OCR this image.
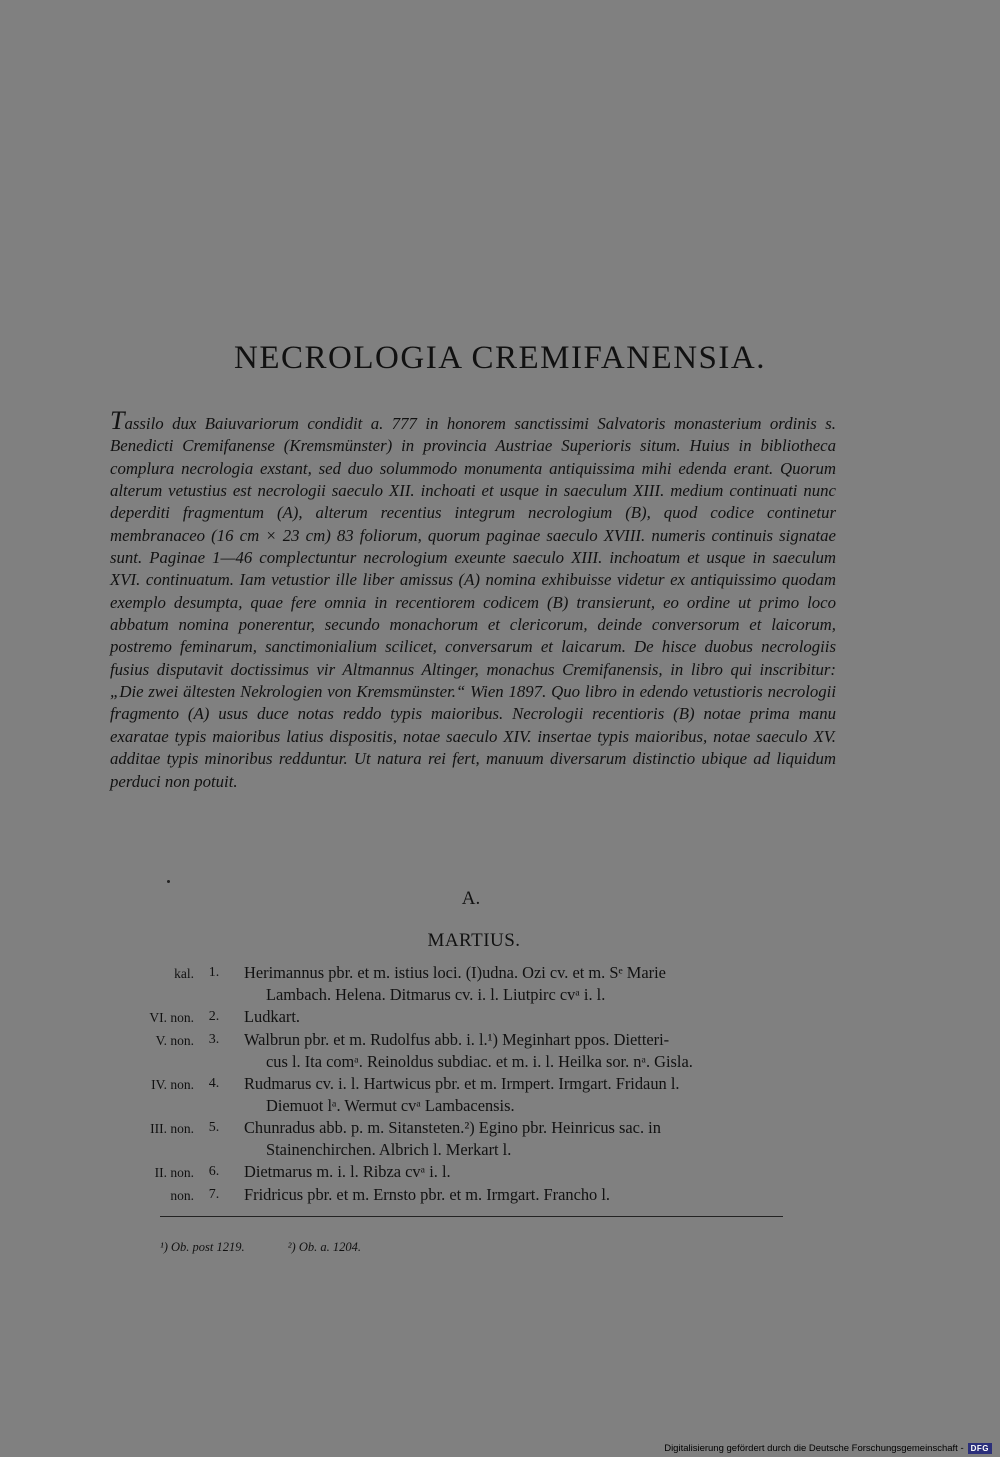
NECROLOGIA CREMIFANENSIA.
Tassilo dux Baiuvariorum condidit a. 777 in honorem sanctissimi Salvatoris monasterium ordinis s. Benedicti Cremifanense (Kremsmünster) in provincia Austriae Superioris situm. Huius in bibliotheca complura necrologia exstant, sed duo solummodo monumenta antiquissima mihi edenda erant. Quorum alterum vetustius est necrologii saeculo XII. inchoati et usque in saeculum XIII. medium continuati nunc deperditi fragmentum (A), alterum recentius integrum necrologium (B), quod codice continetur membranaceo (16 cm × 23 cm) 83 foliorum, quorum paginae saeculo XVIII. numeris continuis signatae sunt. Paginae 1—46 complectuntur necrologium exeunte saeculo XIII. inchoatum et usque in saeculum XVI. continuatum. Iam vetustior ille liber amissus (A) nomina exhibuisse videtur ex antiquissimo quodam exemplo desumpta, quae fere omnia in recentiorem codicem (B) transierunt, eo ordine ut primo loco abbatum nomina ponerentur, secundo monachorum et clericorum, deinde conversorum et laicorum, postremo feminarum, sanctimonialium scilicet, conversarum et laicarum. De hisce duobus necrologiis fusius disputavit doctissimus vir Altmannus Altinger, monachus Cremifanensis, in libro qui inscribitur: „Die zwei ältesten Nekrologien von Kremsmünster.“ Wien 1897. Quo libro in edendo vetustioris necrologii fragmento (A) usus duce notas reddo typis maioribus. Necrologii recentioris (B) notae prima manu exaratae typis maioribus latius dispositis, notae saeculo XIV. insertae typis maioribus, notae saeculo XV. additae typis minoribus redduntur. Ut natura rei fert, manuum diversarum distinctio ubique ad liquidum perduci non potuit.
A.
MARTIUS.
kal.	1.	Herimannus pbr. et m. istius loci. (I)udna. Ozi cv. et m. Sᵉ Marie
Lambach. Helena. Ditmarus cv. i. l. Liutpirc cvᵃ i. l.
VI. non.	2.	Ludkart.
V. non.	3.	Walbrun pbr. et m. Rudolfus abb. i. l.¹) Meginhart ppos. Dietteri-
cus l. Ita comᵃ. Reinoldus subdiac. et m. i. l. Heilka sor. nᵃ. Gisla.
IV. non.	4.	Rudmarus cv. i. l. Hartwicus pbr. et m. Irmpert. Irmgart. Fridaun l.
Diemuot lᵃ. Wermut cvᵃ Lambacensis.
III. non.	5.	Chunradus abb. p. m. Sitansteten.²) Egino pbr. Heinricus sac. in
Stainenchirchen. Albrich l. Merkart l.
II. non.	6.	Dietmarus m. i. l. Ribza cvᵃ i. l.
non.	7.	Fridricus pbr. et m. Ernsto pbr. et m. Irmgart. Francho l.
¹) Ob. post 1219.	²) Ob. a. 1204.
Digitalisierung gefördert durch die Deutsche Forschungsgemeinschaft - DFG
